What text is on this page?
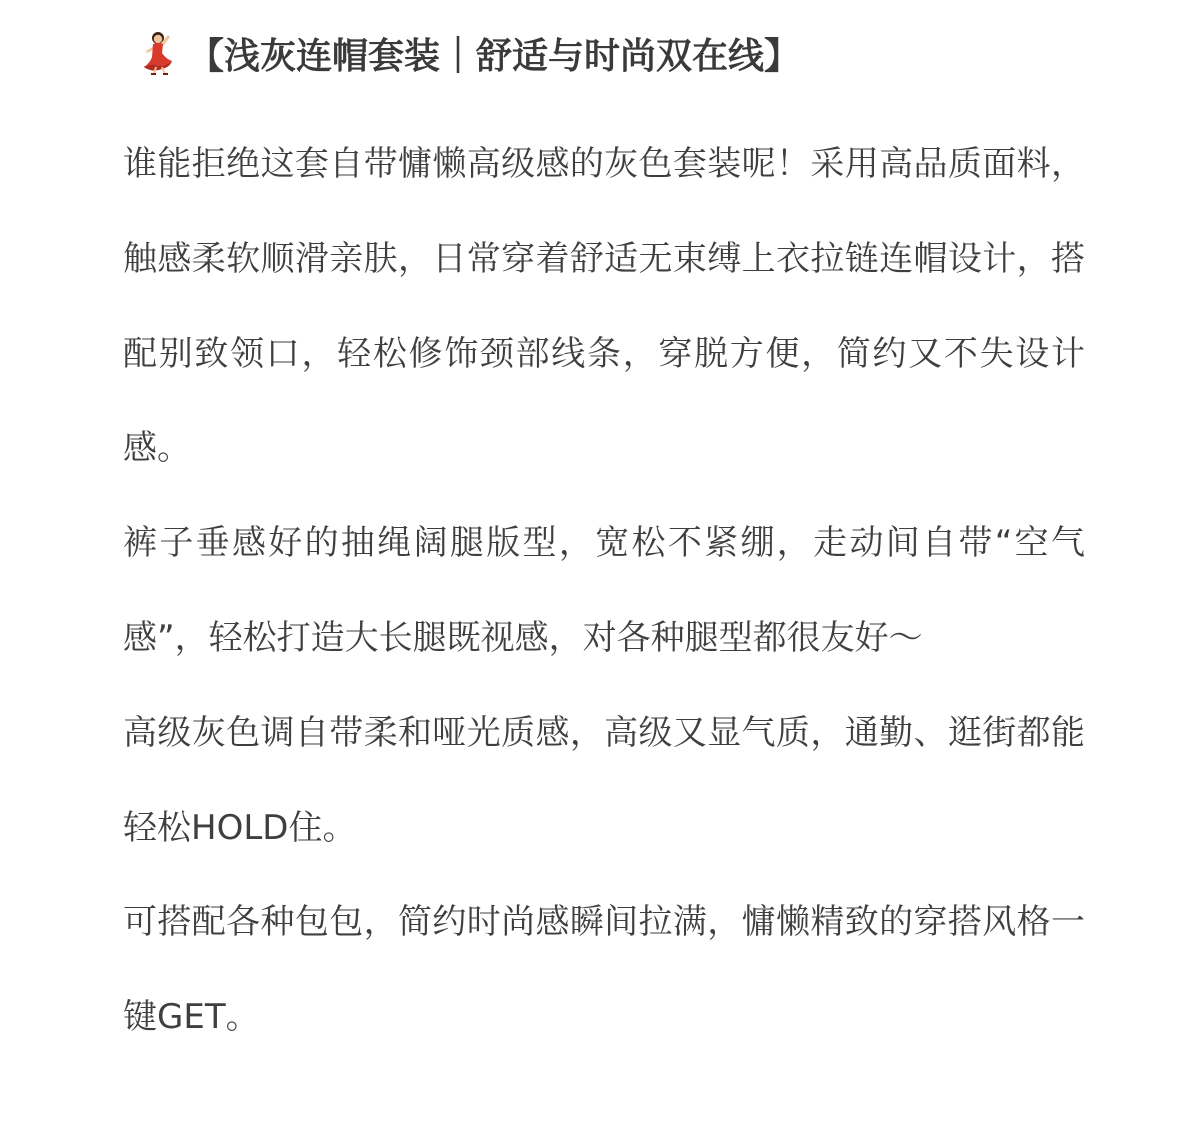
【浅灰连帽套装｜舒适与时尚双在线】

谁能拒绝这套自带慵懒高级感的灰色套装呢！采用高品质面料，触感柔软顺滑亲肤，日常穿着舒适无束缚上衣拉链连帽设计，搭配别致领口，轻松修饰颈部线条，穿脱方便，简约又不失设计感。

裤子垂感好的抽绳阔腿版型，宽松不紧绷，走动间自带“空气感”，轻松打造大长腿既视感，对各种腿型都很友好～

高级灰色调自带柔和哑光质感，高级又显气质，通勤、逛街都能轻松HOLD住。

可搭配各种包包，简约时尚感瞬间拉满，慵懒精致的穿搭风格一键GET。
